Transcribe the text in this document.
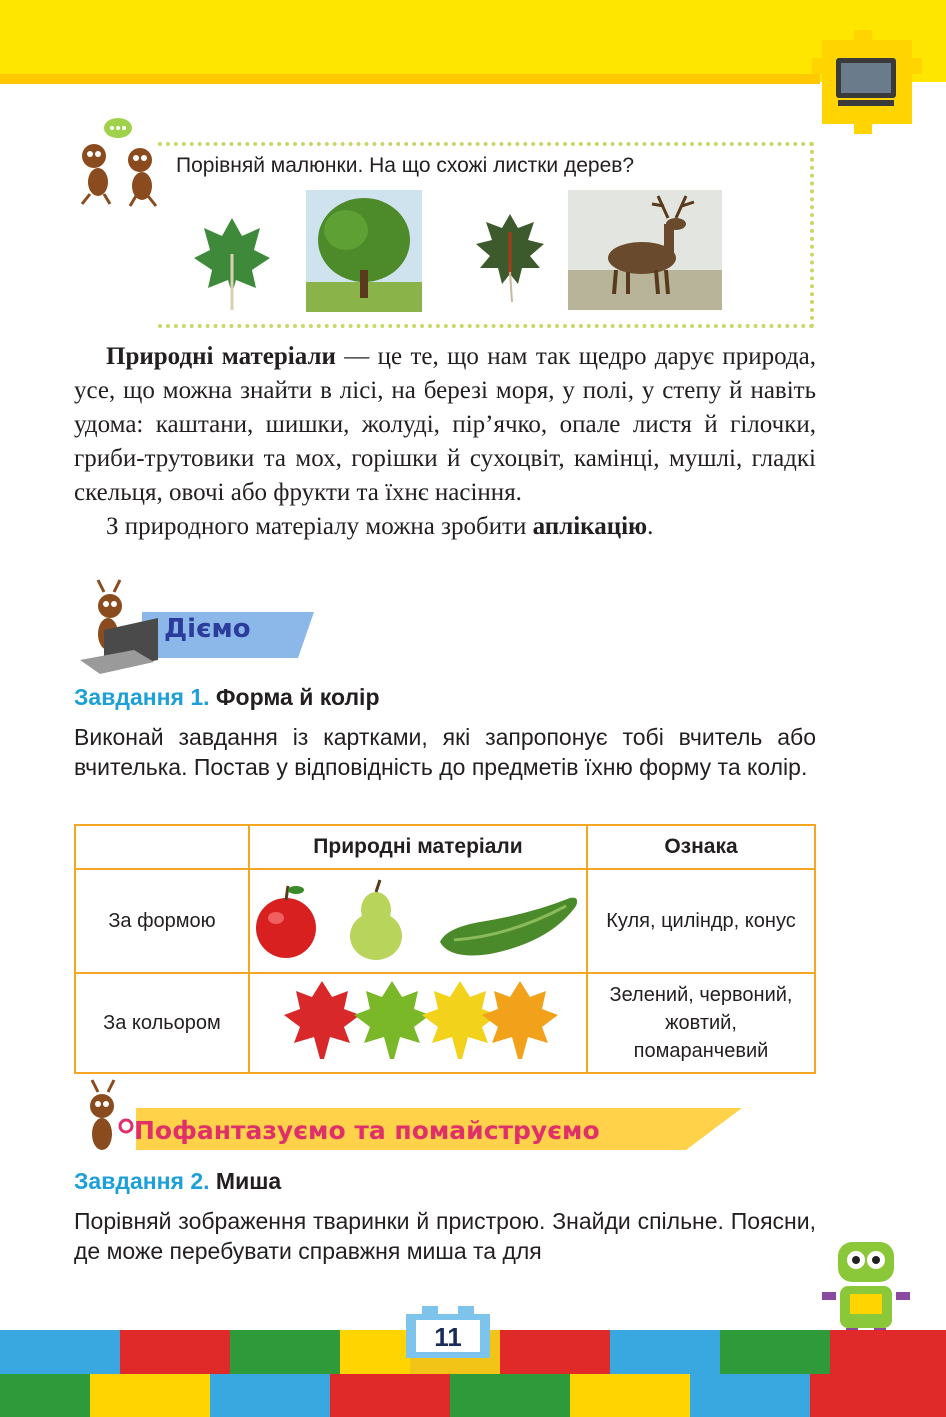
Порівняй малюнки. На що схожі листки дерев?

Природні матеріали — це те, що нам так щедро дарує природа, усе, що можна знайти в лісі, на березі моря, у полі, у степу й навіть удома: каштани, шишки, жолуді, пір’ячко, опале листя й гілочки, гриби-трутовики та мох, горішки й сухоцвіт, камінці, мушлі, гладкі скельця, овочі або фрукти та їхнє насіння.

З природного матеріалу можна зробити аплікацію.

Дiємо
Завдання 1. Форма й колір
Виконай завдання із картками, які запропонує тобі вчитель або вчителька. Постав у відповідність до предметів їхню форму та колір.
	Природні матеріали	Ознака
За формою		Куля, циліндр, конус
За кольором		Зелений, червоний, жовтий, помаранчевий
Пофантазуємо та помайструємо
Завдання 2. Миша
Порівняй зображення тваринки й пристрою. Знайди спільне. Поясни, де може перебувати справжня миша та для
11
